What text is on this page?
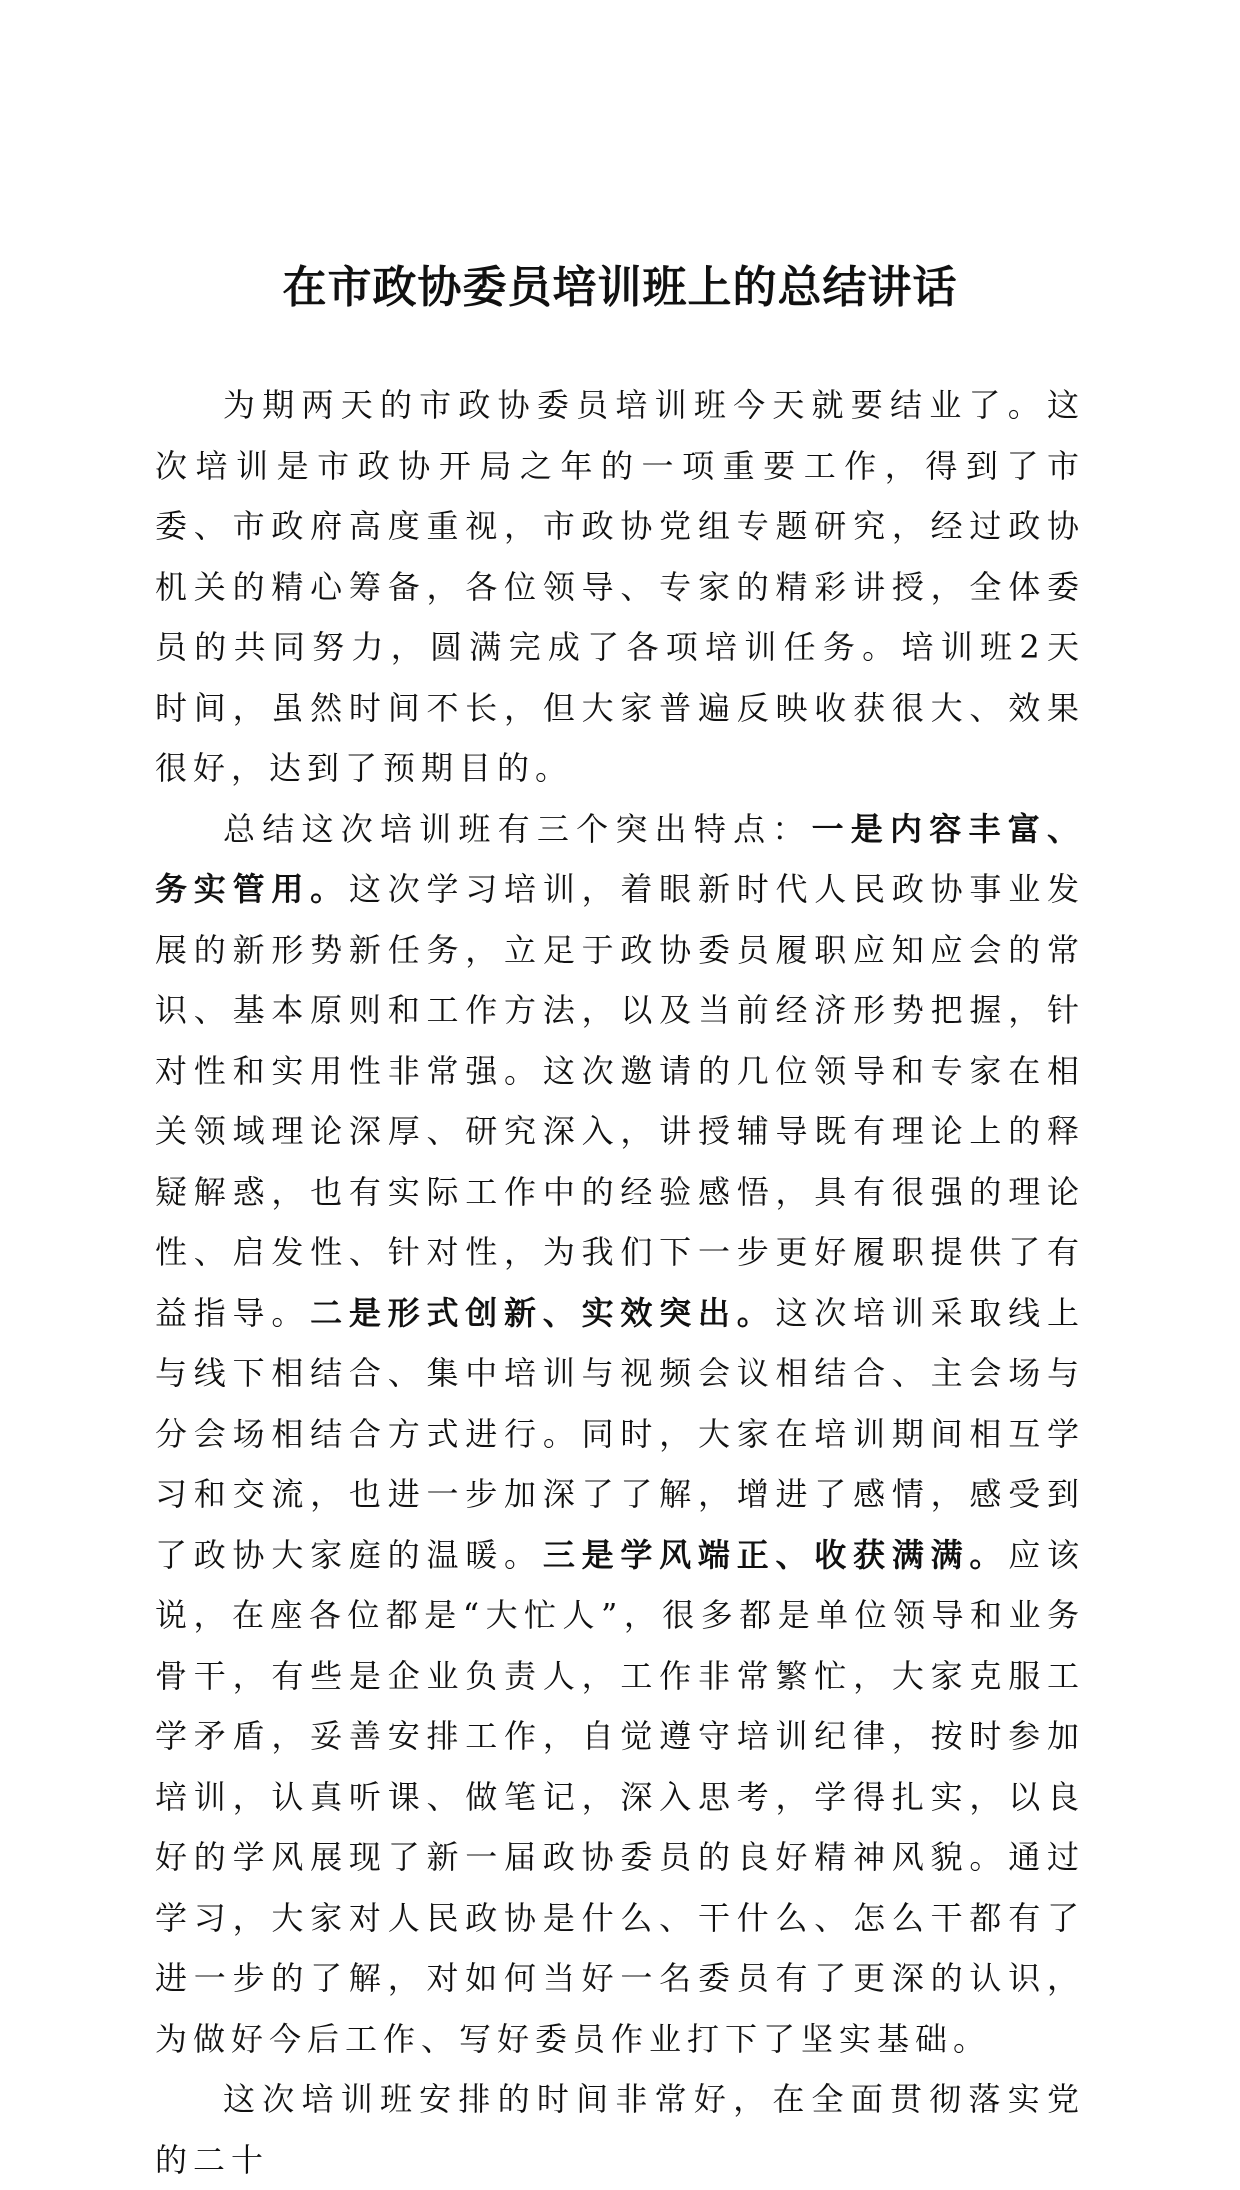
在市政协委员培训班上的总结讲话

为期两天的市政协委员培训班今天就要结业了。这次培训是市政协开局之年的一项重要工作，得到了市委、市政府高度重视，市政协党组专题研究，经过政协机关的精心筹备，各位领导、专家的精彩讲授，全体委员的共同努力，圆满完成了各项培训任务。培训班2天时间，虽然时间不长，但大家普遍反映收获很大、效果很好，达到了预期目的。

总结这次培训班有三个突出特点：一是内容丰富、务实管用。这次学习培训，着眼新时代人民政协事业发展的新形势新任务，立足于政协委员履职应知应会的常识、基本原则和工作方法，以及当前经济形势把握，针对性和实用性非常强。这次邀请的几位领导和专家在相关领域理论深厚、研究深入，讲授辅导既有理论上的释疑解惑，也有实际工作中的经验感悟，具有很强的理论性、启发性、针对性，为我们下一步更好履职提供了有益指导。二是形式创新、实效突出。这次培训采取线上与线下相结合、集中培训与视频会议相结合、主会场与分会场相结合方式进行。同时，大家在培训期间相互学习和交流，也进一步加深了了解，增进了感情，感受到了政协大家庭的温暖。三是学风端正、收获满满。应该说，在座各位都是“大忙人”，很多都是单位领导和业务骨干，有些是企业负责人，工作非常繁忙，大家克服工学矛盾，妥善安排工作，自觉遵守培训纪律，按时参加培训，认真听课、做笔记，深入思考，学得扎实，以良好的学风展现了新一届政协委员的良好精神风貌。通过学习，大家对人民政协是什么、干什么、怎么干都有了进一步的了解，对如何当好一名委员有了更深的认识，为做好今后工作、写好委员作业打下了坚实基础。

这次培训班安排的时间非常好，在全面贯彻落实党的二十
